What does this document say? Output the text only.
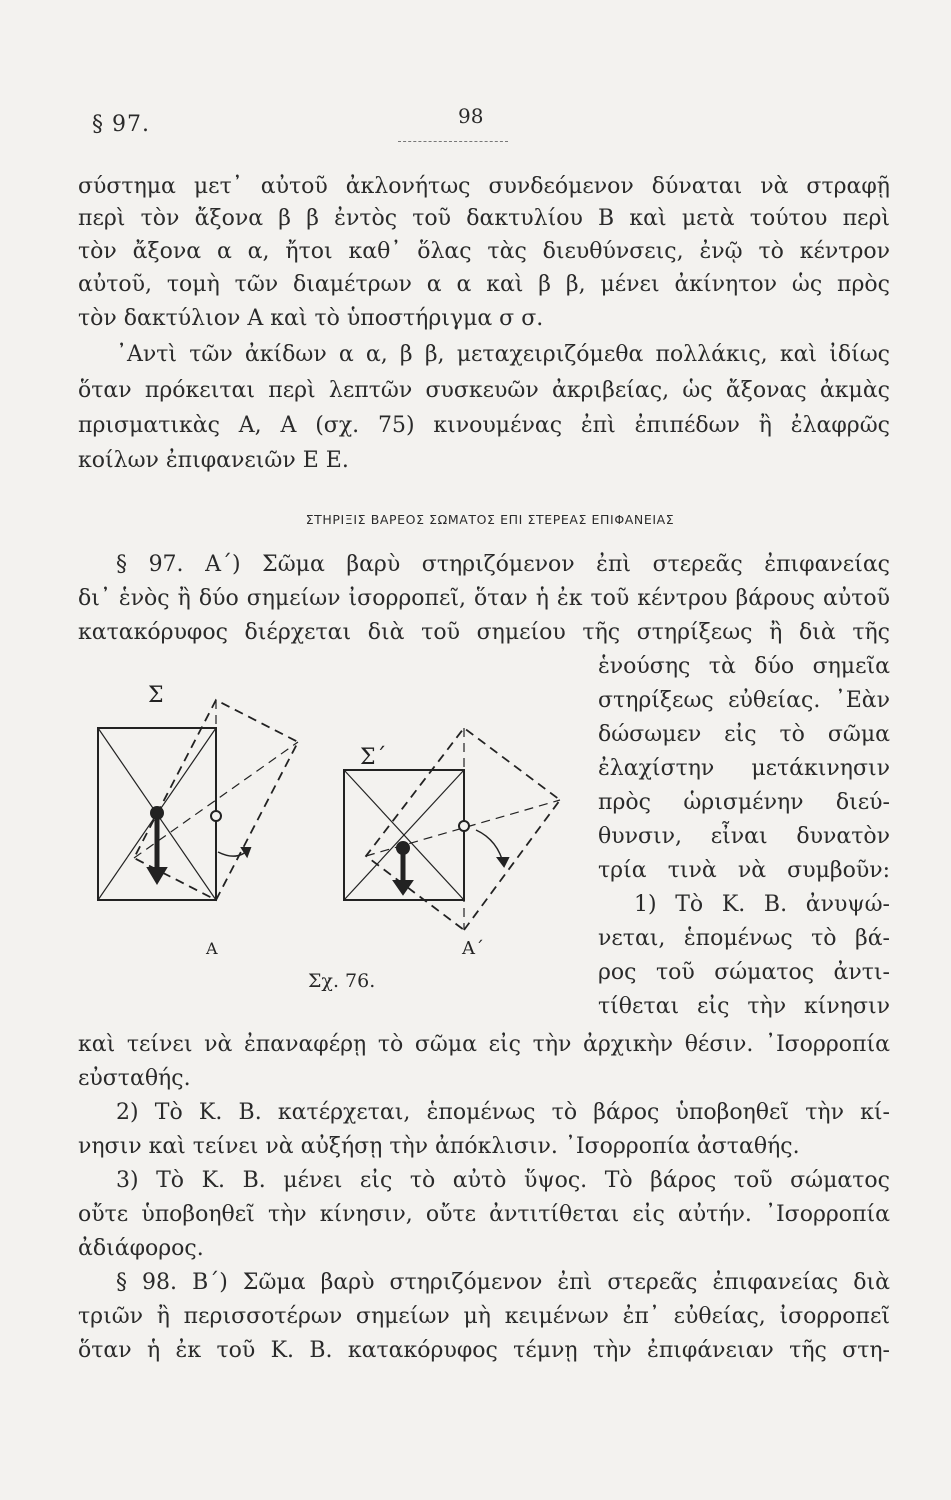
§ 97.	98
σύστημα μετ᾽ αὐτοῦ ἀκλονήτως συνδεόμενον δύναται νὰ στραφῇ
περὶ τὸν ἄξονα β β ἐντὸς τοῦ δακτυλίου Β καὶ μετὰ τούτου περὶ
τὸν ἄξονα α α, ἤτοι καθ᾽ ὅλας τὰς διευθύνσεις, ἐνῷ τὸ κέντρον
αὐτοῦ, τομὴ τῶν διαμέτρων α α καὶ β β, μένει ἀκίνητον ὡς πρὸς
τὸν δακτύλιον Α καὶ τὸ ὑποστήριγμα σ σ.
᾿Αντὶ τῶν ἀκίδων α α, β β, μεταχειριζόμεθα πολλάκις, καὶ ἰδίως
ὅταν πρόκειται περὶ λεπτῶν συσκευῶν ἀκριβείας, ὡς ἄξονας ἀκμὰς
πρισματικὰς Α, Α (σχ. 75) κινουμένας ἐπὶ ἐπιπέδων ἢ ἐλαφρῶς
κοίλων ἐπιφανειῶν Ε Ε.
ΣΤΗΡΙΞΙΣ ΒΑΡΕΟΣ ΣΩΜΑΤΟΣ ΕΠΙ ΣΤΕΡΕΑΣ ΕΠΙΦΑΝΕΙΑΣ
§ 97. Α΄) Σῶμα βαρὺ στηριζόμενον ἐπὶ στερεᾶς ἐπιφανείας
δι᾽ ἑνὸς ἢ δύο σημείων ἰσορροπεῖ, ὅταν ἡ ἐκ τοῦ κέντρου βάρους αὐτοῦ
κατακόρυφος διέρχεται διὰ τοῦ σημείου τῆς στηρίξεως ἢ διὰ τῆς
ἑνούσης τὰ δύο σημεῖα
στηρίξεως εὐθείας. ᾿Εὰν
δώσωμεν εἰς τὸ σῶμα
ἐλαχίστην μετάκινησιν
πρὸς ὡρισμένην διεύ-
θυνσιν, εἶναι δυνατὸν
τρία τινὰ νὰ συμβοῦν:
1) Τὸ Κ. Β. ἀνυψώ-
νεται, ἑπομένως τὸ βά-
ρος τοῦ σώματος ἀντι-
τίθεται εἰς τὴν κίνησιν
Σ
Α
Σ΄
Α΄
Σχ. 76.
καὶ τείνει νὰ ἐπαναφέρῃ τὸ σῶμα εἰς τὴν ἀρχικὴν θέσιν. ᾿Ισορροπία
εὐσταθής.
2) Τὸ Κ. Β. κατέρχεται, ἑπομένως τὸ βάρος ὑποβοηθεῖ τὴν κί-
νησιν καὶ τείνει νὰ αὐξήσῃ τὴν ἀπόκλισιν. ᾿Ισορροπία ἀσταθής.
3) Τὸ Κ. Β. μένει εἰς τὸ αὐτὸ ὕψος. Τὸ βάρος τοῦ σώματος
οὔτε ὑποβοηθεῖ τὴν κίνησιν, οὔτε ἀντιτίθεται εἰς αὐτήν. ᾿Ισορροπία
ἀδιάφορος.
§ 98. Β΄) Σῶμα βαρὺ στηριζόμενον ἐπὶ στερεᾶς ἐπιφανείας διὰ
τριῶν ἢ περισσοτέρων σημείων μὴ κειμένων ἐπ᾽ εὐθείας, ἰσορροπεῖ
ὅταν ἡ ἐκ τοῦ Κ. Β. κατακόρυφος τέμνῃ τὴν ἐπιφάνειαν τῆς στη-
